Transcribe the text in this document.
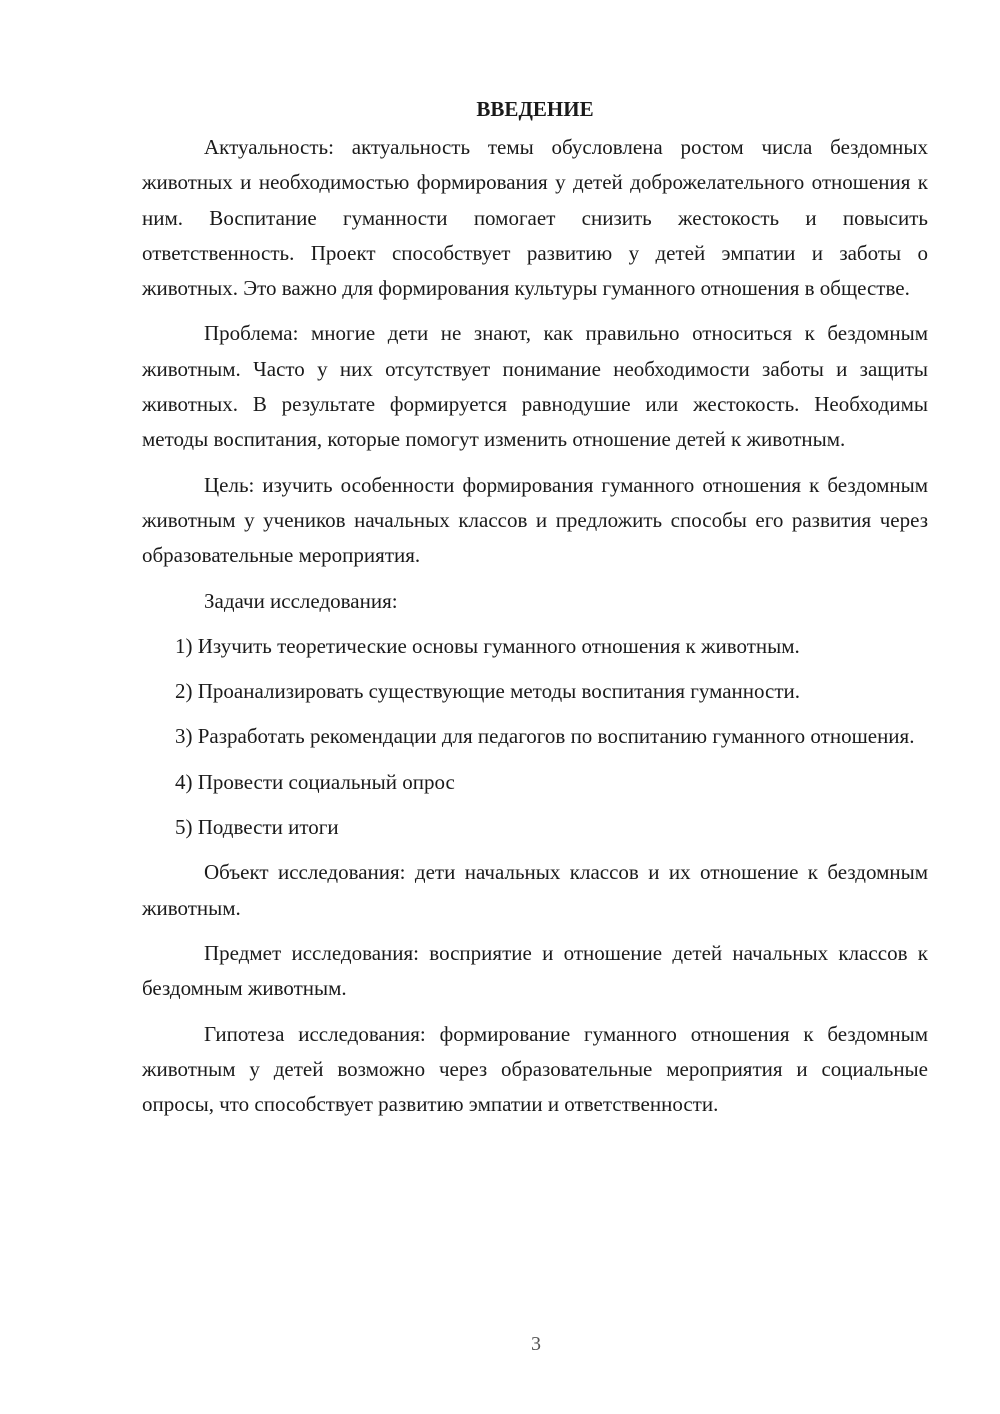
ВВЕДЕНИЕ

Актуальность: актуальность темы обусловлена ростом числа бездомных животных и необходимостью формирования у детей доброжелательного отношения к ним. Воспитание гуманности помогает снизить жестокость и повысить ответственность. Проект способствует развитию у детей эмпатии и заботы о животных. Это важно для формирования культуры гуманного отношения в обществе.

Проблема: многие дети не знают, как правильно относиться к бездомным животным. Часто у них отсутствует понимание необходимости заботы и защиты животных. В результате формируется равнодушие или жестокость. Необходимы методы воспитания, которые помогут изменить отношение детей к животным.

Цель: изучить особенности формирования гуманного отношения к бездомным животным у учеников начальных классов и предложить способы его развития через образовательные мероприятия.

Задачи исследования:

1) Изучить теоретические основы гуманного отношения к животным.

2) Проанализировать существующие методы воспитания гуманности.

3) Разработать рекомендации для педагогов по воспитанию гуманного отношения.

4) Провести социальный опрос

5) Подвести итоги

Объект исследования: дети начальных классов и их отношение к бездомным животным.

Предмет исследования: восприятие и отношение детей начальных классов к бездомным животным.

Гипотеза исследования: формирование гуманного отношения к бездомным животным у детей возможно через образовательные мероприятия и социальные опросы, что способствует развитию эмпатии и ответственности.

3
